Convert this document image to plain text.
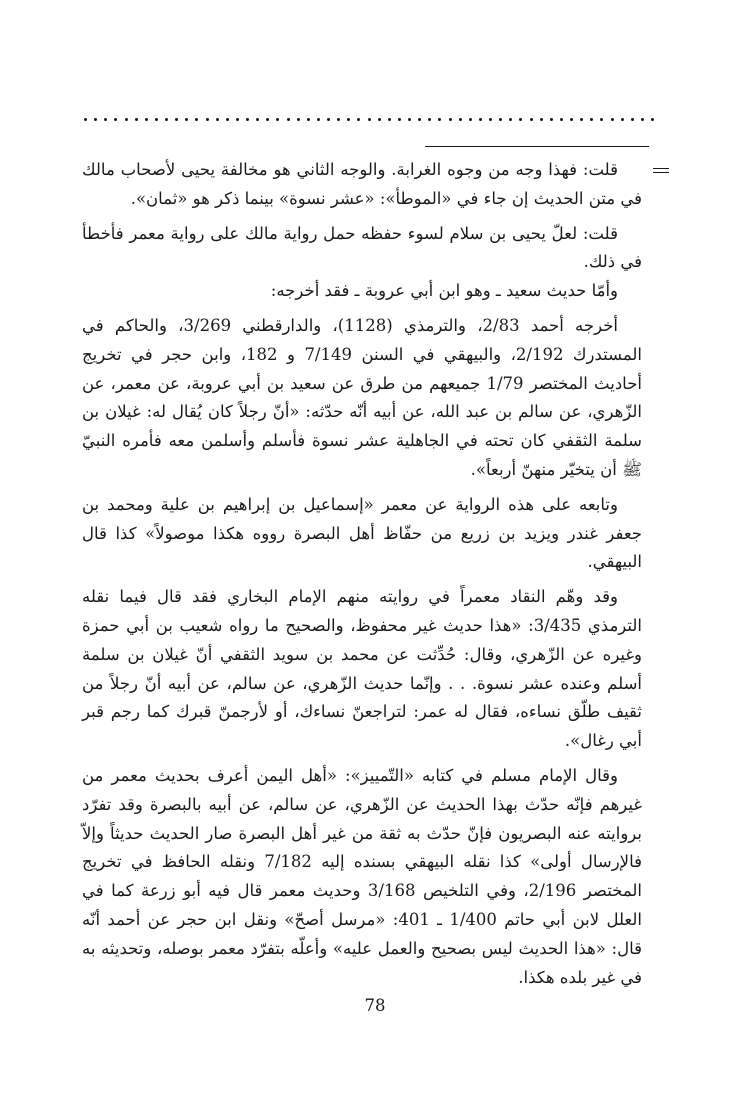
قلت: فهذا وجه من وجوه الغرابة. والوجه الثاني هو مخالفة يحيى لأصحاب مالك في متن الحديث إن جاء في «الموطأ»: «عشر نسوة» بينما ذكر هو «ثمان».

قلت: لعلّ يحيى بن سلام لسوء حفظه حمل رواية مالك على رواية معمر فأخطأ في ذلك.

وأمّا حديث سعيد ـ وهو ابن أبي عروبة ـ فقد أخرجه:

أخرجه أحمد 2/83، والترمذي (1128)، والدارقطني 3/269، والحاكم في المستدرك 2/192، والبيهقي في السنن 7/149 و 182، وابن حجر في تخريج أحاديث المختصر 1/79 جميعهم من طرق عن سعيد بن أبي عروبة، عن معمر، عن الزّهري، عن سالم بن عبد الله، عن أبيه أنّه حدّثه: «أنّ رجلاً كان يُقال له: غيلان بن سلمة الثقفي كان تحته في الجاهلية عشر نسوة فأسلم وأسلمن معه فأمره النبيّ ﷺ أن يتخيّر منهنّ أربعاً».

وتابعه على هذه الرواية عن معمر «إسماعيل بن إبراهيم بن علية ومحمد بن جعفر غندر ويزيد بن زريع من حفّاظ أهل البصرة رووه هكذا موصولاً» كذا قال البيهقي.

وقد وهّم النقاد معمراً في روايته منهم الإمام البخاري فقد قال فيما نقله الترمذي 3/435: «هذا حديث غير محفوظ، والصحيح ما رواه شعيب بن أبي حمزة وغيره عن الزّهري، وقال: حُدِّثت عن محمد بن سويد الثقفي أنّ غيلان بن سلمة أسلم وعنده عشر نسوة. . . وإنّما حديث الزّهري، عن سالم، عن أبيه أنّ رجلاً من ثقيف طلّق نساءه، فقال له عمر: لتراجعنّ نساءك، أو لأرجمنّ قبرك كما رجم قبر أبي رغال».

وقال الإمام مسلم في كتابه «التّمييز»: «أهل اليمن أعرف بحديث معمر من غيرهم فإنّه حدّث بهذا الحديث عن الزّهري، عن سالم، عن أبيه بالبصرة وقد تفرّد بروايته عنه البصريون فإنّ حدّث به ثقة من غير أهل البصرة صار الحديث حديثاً وإلاّ فالإرسال أولى» كذا نقله البيهقي بسنده إليه 7/182 ونقله الحافظ في تخريج المختصر 2/196، وفي التلخيص 3/168 وحديث معمر قال فيه أبو زرعة كما في العلل لابن أبي حاتم 1/400 ـ 401: «مرسل أصحّ» ونقل ابن حجر عن أحمد أنّه قال: «هذا الحديث ليس بصحيح والعمل عليه» وأعلّه بتفرّد معمر بوصله، وتحديثه به في غير بلده هكذا.

78
